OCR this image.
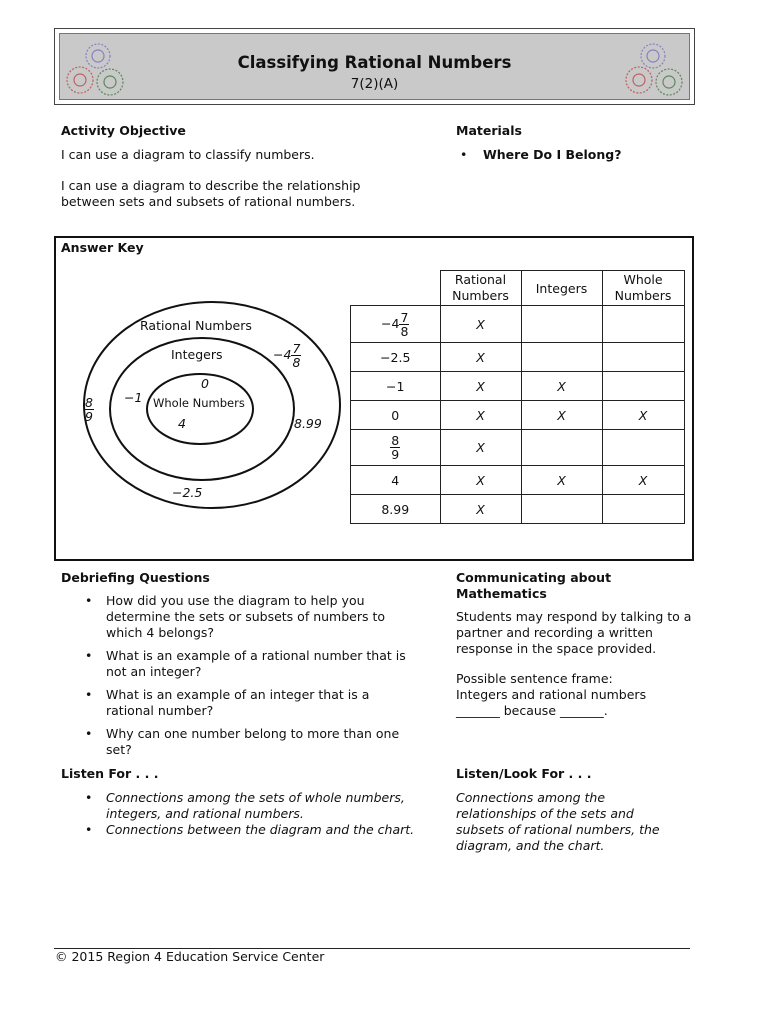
Classifying Rational Numbers
7(2)(A)
Activity Objective

I can use a diagram to classify numbers.

I can use a diagram to describe the relationship between sets and subsets of rational numbers.

Materials
• Where Do I Belong?
Answer Key
Rational Numbers
Integers
Whole Numbers
$-4 \frac{7}{8}$
$\frac{8}{9} -1$
0
4	8.99
−2.5
	Rational Numbers	Integers	Whole Numbers
$-4 \frac{7}{8}$	X		
−2.5	X		
−1	X	X	
0	X	X	X

$\frac{8}{9}$	X		
4	X	X	X
8.99	X		
Debriefing Questions
• How did you use the diagram to help you determine the sets or subsets of numbers to which 4 belongs?
• What is an example of a rational number that is not an integer?
• What is an example of an integer that is a rational number?
• Why can one number belong to more than one set?
Communicating about Mathematics

Students may respond by talking to a partner and recording a written response in the space provided.

Possible sentence frame:

Integers and rational numbers

_______ because _______.

Listen For . . .
• Connections among the sets of whole numbers, integers, and rational numbers.
• Connections between the diagram and the chart.
Listen/Look For . . .

Connections among the relationships of the sets and subsets of rational numbers, the diagram, and the chart.

© 2015 Region 4 Education Service Center
